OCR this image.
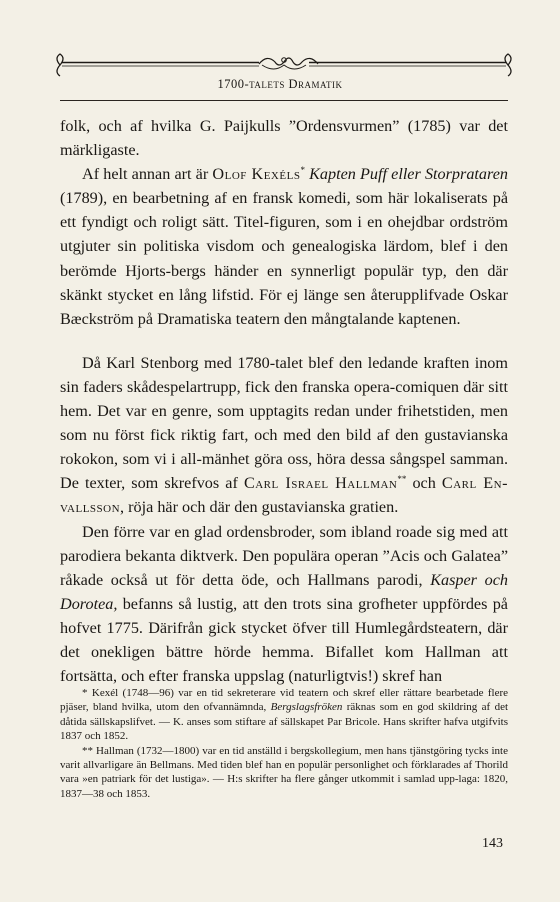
1700-talets Dramatik

folk, och af hvilka G. Paijkulls ”Ordensvurmen” (1785) var det märkligaste.

Af helt annan art är Olof Kexéls* Kapten Puff eller Storprataren (1789), en bearbetning af en fransk komedi, som här lokaliserats på ett fyndigt och roligt sätt. Titel-figuren, som i en ohejdbar ordström utgjuter sin politiska visdom och genealogiska lärdom, blef i den berömde Hjorts-bergs händer en synnerligt populär typ, den där skänkt stycket en lång lifstid. För ej länge sen återupplifvade Oskar Bæckström på Dramatiska teatern den mångtalande kaptenen.

Då Karl Stenborg med 1780-talet blef den ledande kraften inom sin faders skådespelartrupp, fick den franska opera-comiquen där sitt hem. Det var en genre, som upptagits redan under frihetstiden, men som nu först fick riktig fart, och med den bild af den gustavianska rokokon, som vi i all-mänhet göra oss, höra dessa sångspel samman. De texter, som skrefvos af Carl Israel Hallman** och Carl En-vallsson, röja här och där den gustavianska gratien.

Den förre var en glad ordensbroder, som ibland roade sig med att parodiera bekanta diktverk. Den populära operan ”Acis och Galatea” råkade också ut för detta öde, och Hallmans parodi, Kasper och Dorotea, befanns så lustig, att den trots sina grofheter uppfördes på hofvet 1775. Därifrån gick stycket öfver till Humlegårdsteatern, där det onekligen bättre hörde hemma. Bifallet kom Hallman att fortsätta, och efter franska uppslag (naturligtvis!) skref han

* Kexél (1748—96) var en tid sekreterare vid teatern och skref eller rättare bearbetade flere pjäser, bland hvilka, utom den ofvannämnda, Bergslagsfröken räknas som en god skildring af det dåtida sällskapslifvet. — K. anses som stiftare af sällskapet Par Bricole. Hans skrifter hafva utgifvits 1837 och 1852.

** Hallman (1732—1800) var en tid anställd i bergskollegium, men hans tjänstgöring tycks inte varit allvarligare än Bellmans. Med tiden blef han en populär personlighet och förklarades af Thorild vara »en patriark för det lustiga». — H:s skrifter ha flere gånger utkommit i samlad upp-laga: 1820, 1837—38 och 1853.

143
